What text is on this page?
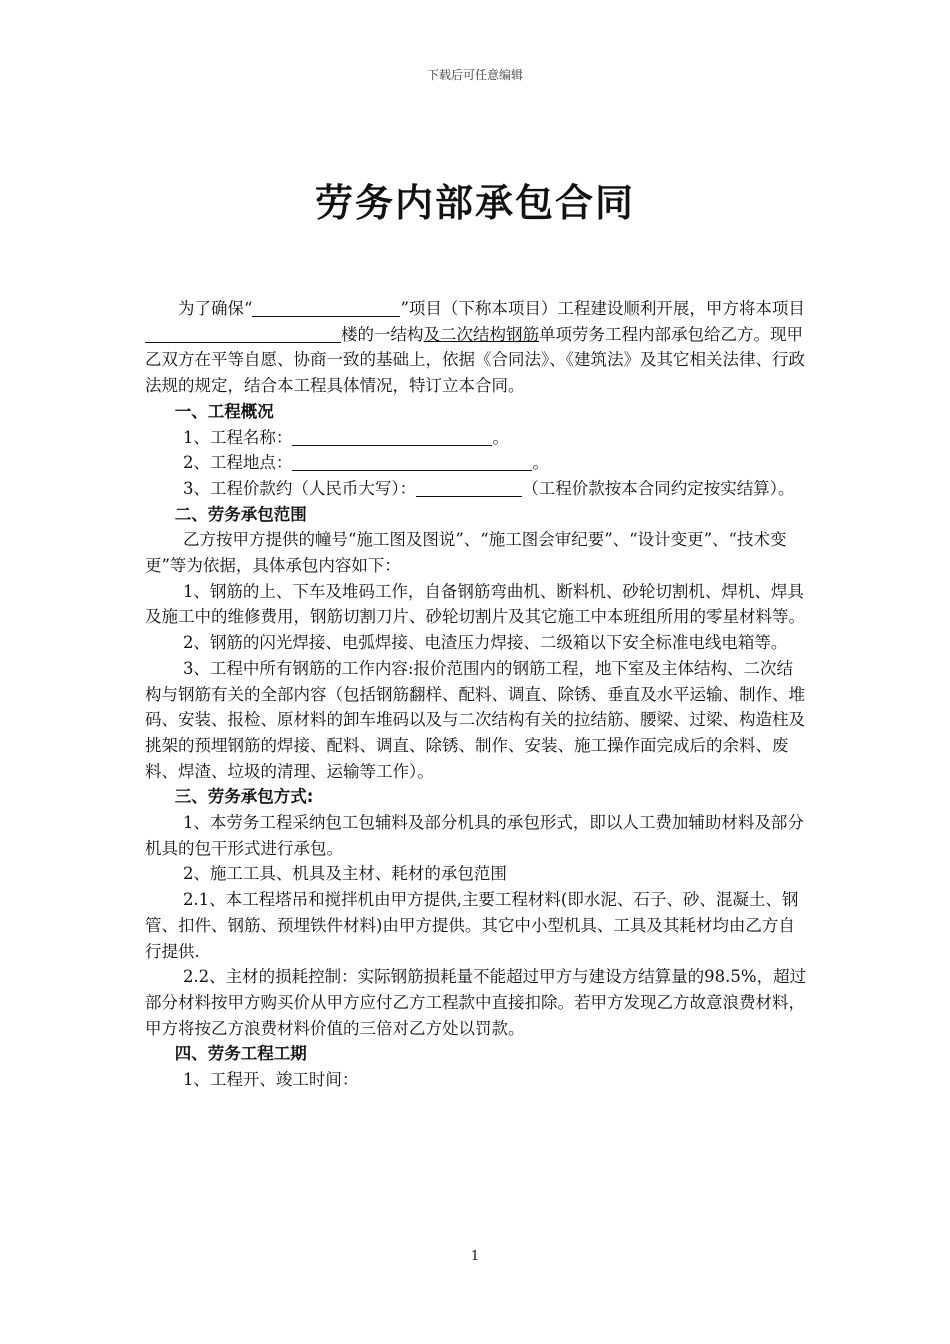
下载后可任意编辑
劳务内部承包合同

为了确保“	”项目（下称本项目）工程建设顺利开展，甲方将本项目楼的一结构及二次结构钢筋单项劳务工程内部承包给乙方。现甲乙双方在平等自愿、协商一致的基础上，依据《合同法》、《建筑法》及其它相关法律、行政法规的规定，结合本工程具体情况，特订立本合同。

一、工程概况

1、工程名称：	。

2、工程地点：	。

3、工程价款约（人民币大写）：	（工程价款按本合同约定按实结算）。

二、劳务承包范围

乙方按甲方提供的幢号“施工图及图说”、“施工图会审纪要”、“设计变更”、“技术变更”等为依据，具体承包内容如下：

1、钢筋的上、下车及堆码工作，自备钢筋弯曲机、断料机、砂轮切割机、焊机、焊具及施工中的维修费用，钢筋切割刀片、砂轮切割片及其它施工中本班组所用的零星材料等。

2、钢筋的闪光焊接、电弧焊接、电渣压力焊接、二级箱以下安全标准电线电箱等。

3、工程中所有钢筋的工作内容:报价范围内的钢筋工程，地下室及主体结构、二次结构与钢筋有关的全部内容（包括钢筋翻样、配料、调直、除锈、垂直及水平运输、制作、堆码、安装、报检、原材料的卸车堆码以及与二次结构有关的拉结筋、腰梁、过梁、构造柱及挑架的预埋钢筋的焊接、配料、调直、除锈、制作、安装、施工操作面完成后的余料、废料、焊渣、垃圾的清理、运输等工作）。

三、劳务承包方式:

1、本劳务工程采纳包工包辅料及部分机具的承包形式，即以人工费加辅助材料及部分机具的包干形式进行承包。

2、施工工具、机具及主材、耗材的承包范围

2.1、本工程塔吊和搅拌机由甲方提供,主要工程材料(即水泥、石子、砂、混凝土、钢管、扣件、钢筋、预埋铁件材料)由甲方提供。其它中小型机具、工具及其耗材均由乙方自行提供.

2.2、主材的损耗控制：实际钢筋损耗量不能超过甲方与建设方结算量的98.5%，超过部分材料按甲方购买价从甲方应付乙方工程款中直接扣除。若甲方发现乙方故意浪费材料，甲方将按乙方浪费材料价值的三倍对乙方处以罚款。

四、劳务工程工期

1、工程开、竣工时间：

1
